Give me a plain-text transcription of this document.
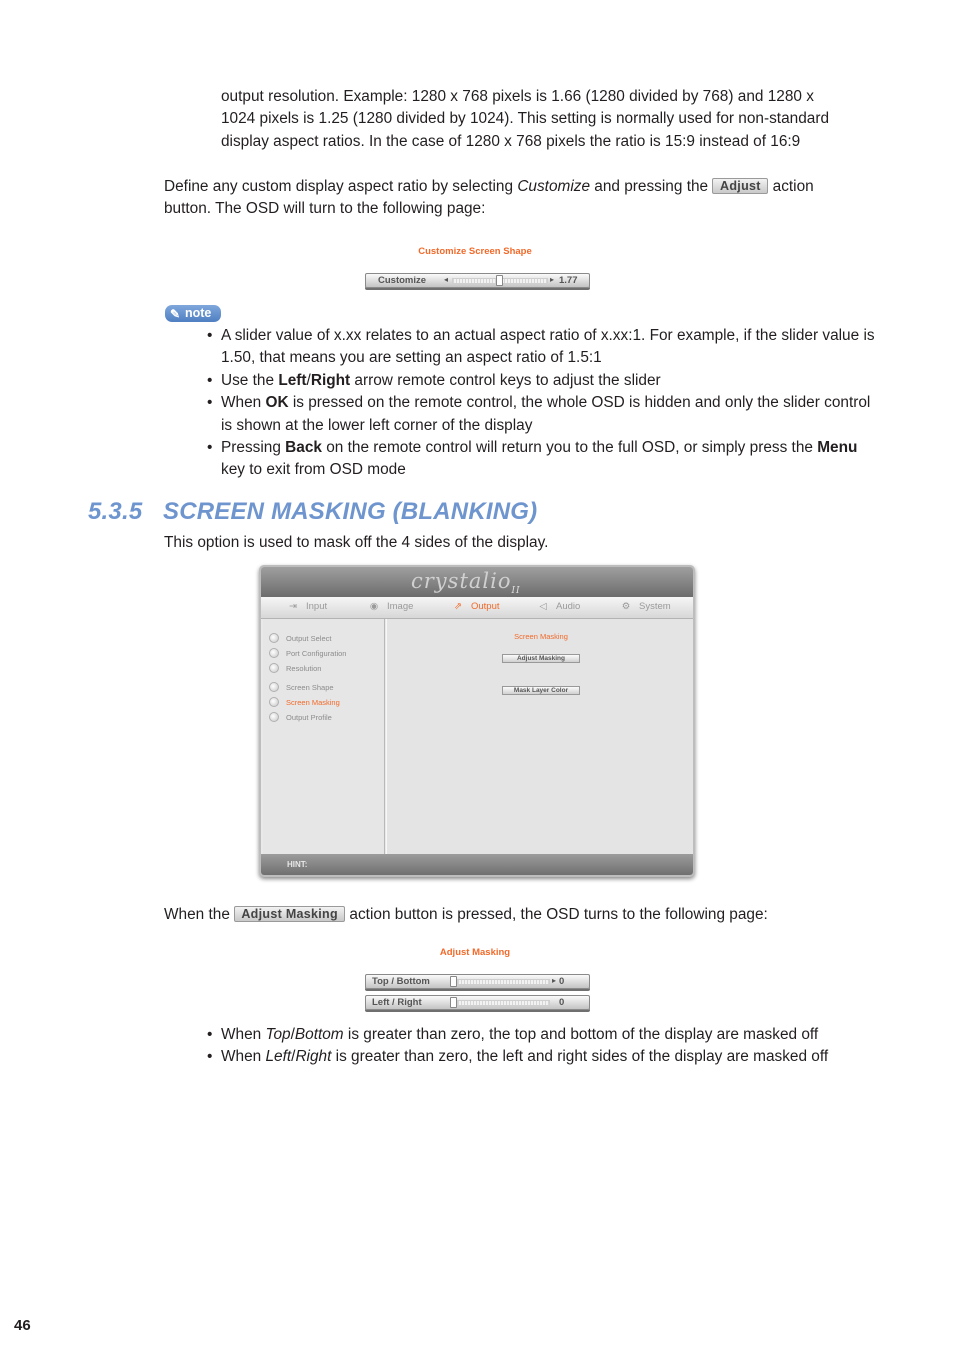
output resolution. Example: 1280 x 768 pixels is 1.66 (1280 divided by 768) and 1280 x
1024 pixels is 1.25 (1280 divided by 1024). This setting is normally used for non-standard
display aspect ratios. In the case of 1280 x 768 pixels the ratio is 15:9 instead of 16:9
Define any custom display aspect ratio by selecting Customize and pressing the Adjust action
button. The OSD will turn to the following page:
Customize Screen Shape
Customize ◂	▸ 1.77
✎ note
• A slider value of x.xx relates to an actual aspect ratio of x.xx:1. For example, if the slider value is 1.50, that means you are setting an aspect ratio of 1.5:1
• Use the Left/Right arrow remote control keys to adjust the slider
• When OK is pressed on the remote control, the whole OSD is hidden and only the slider control is shown at the lower left corner of the display
• Pressing Back on the remote control will return you to the full OSD, or simply press the Menu key to exit from OSD mode
5.3.5 SCREEN MASKING (BLANKING)
This option is used to mask off the 4 sides of the display.
crystalio$_{II}$
⇥ Input	◉ Image	⇗ Output	◁ Audio	⚙ System
Output Select
Port Configuration
Resolution
Screen Shape
Screen Masking
Output Profile
Screen Masking
Adjust Masking
Mask Layer Color
HINT:
When the Adjust Masking action button is pressed, the OSD turns to the following page:
Adjust Masking
Top / Bottom	▸ 0
Left / Right	0
• When Top/Bottom is greater than zero, the top and bottom of the display are masked off
• When Left/Right is greater than zero, the left and right sides of the display are masked off
46
